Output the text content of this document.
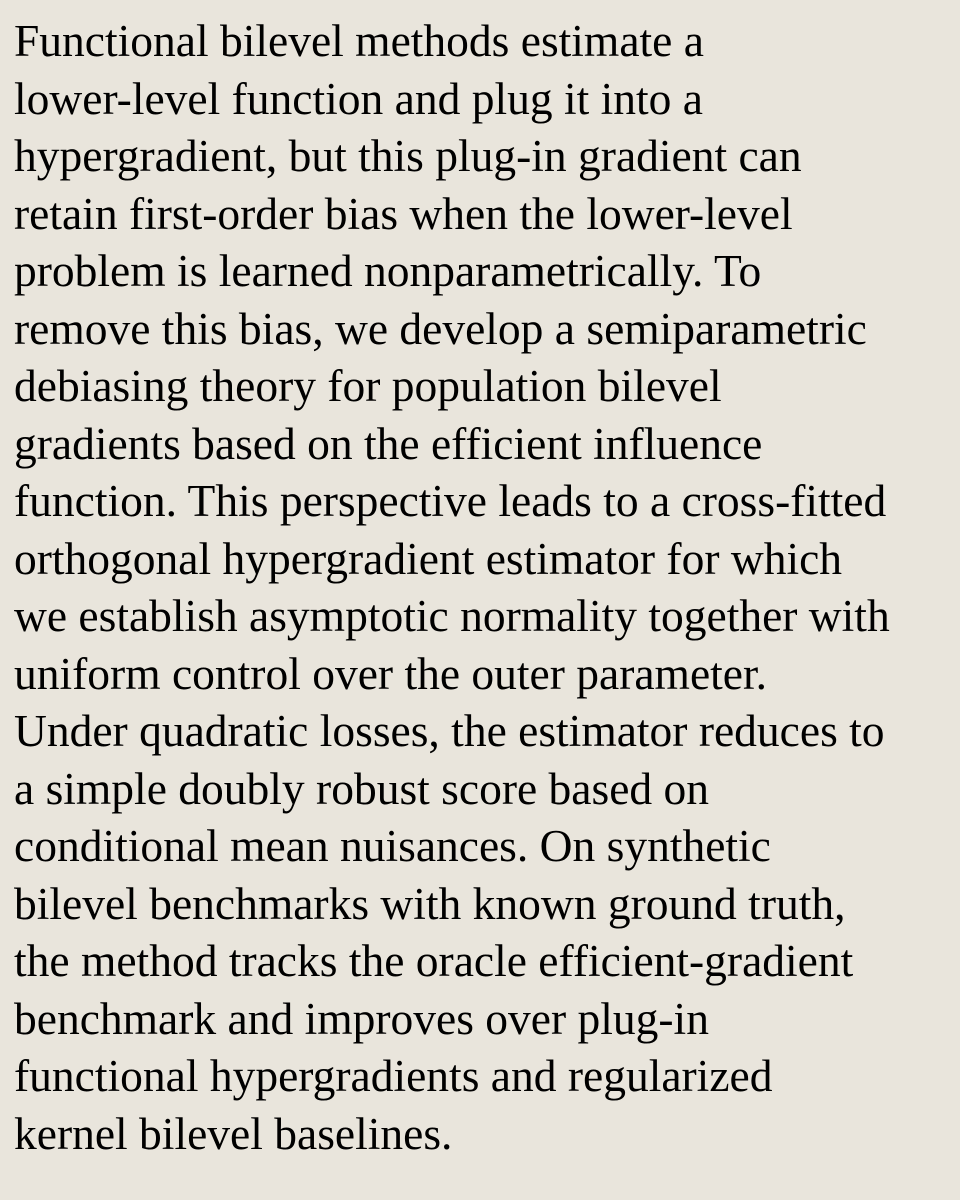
Functional bilevel methods estimate a
lower-level function and plug it into a
hypergradient, but this plug-in gradient can
retain first-order bias when the lower-level
problem is learned nonparametrically. To
remove this bias, we develop a semiparametric
debiasing theory for population bilevel
gradients based on the efficient influence
function. This perspective leads to a cross-fitted
orthogonal hypergradient estimator for which
we establish asymptotic normality together with
uniform control over the outer parameter.
Under quadratic losses, the estimator reduces to
a simple doubly robust score based on
conditional mean nuisances. On synthetic
bilevel benchmarks with known ground truth,
the method tracks the oracle efficient-gradient
benchmark and improves over plug-in
functional hypergradients and regularized
kernel bilevel baselines.
